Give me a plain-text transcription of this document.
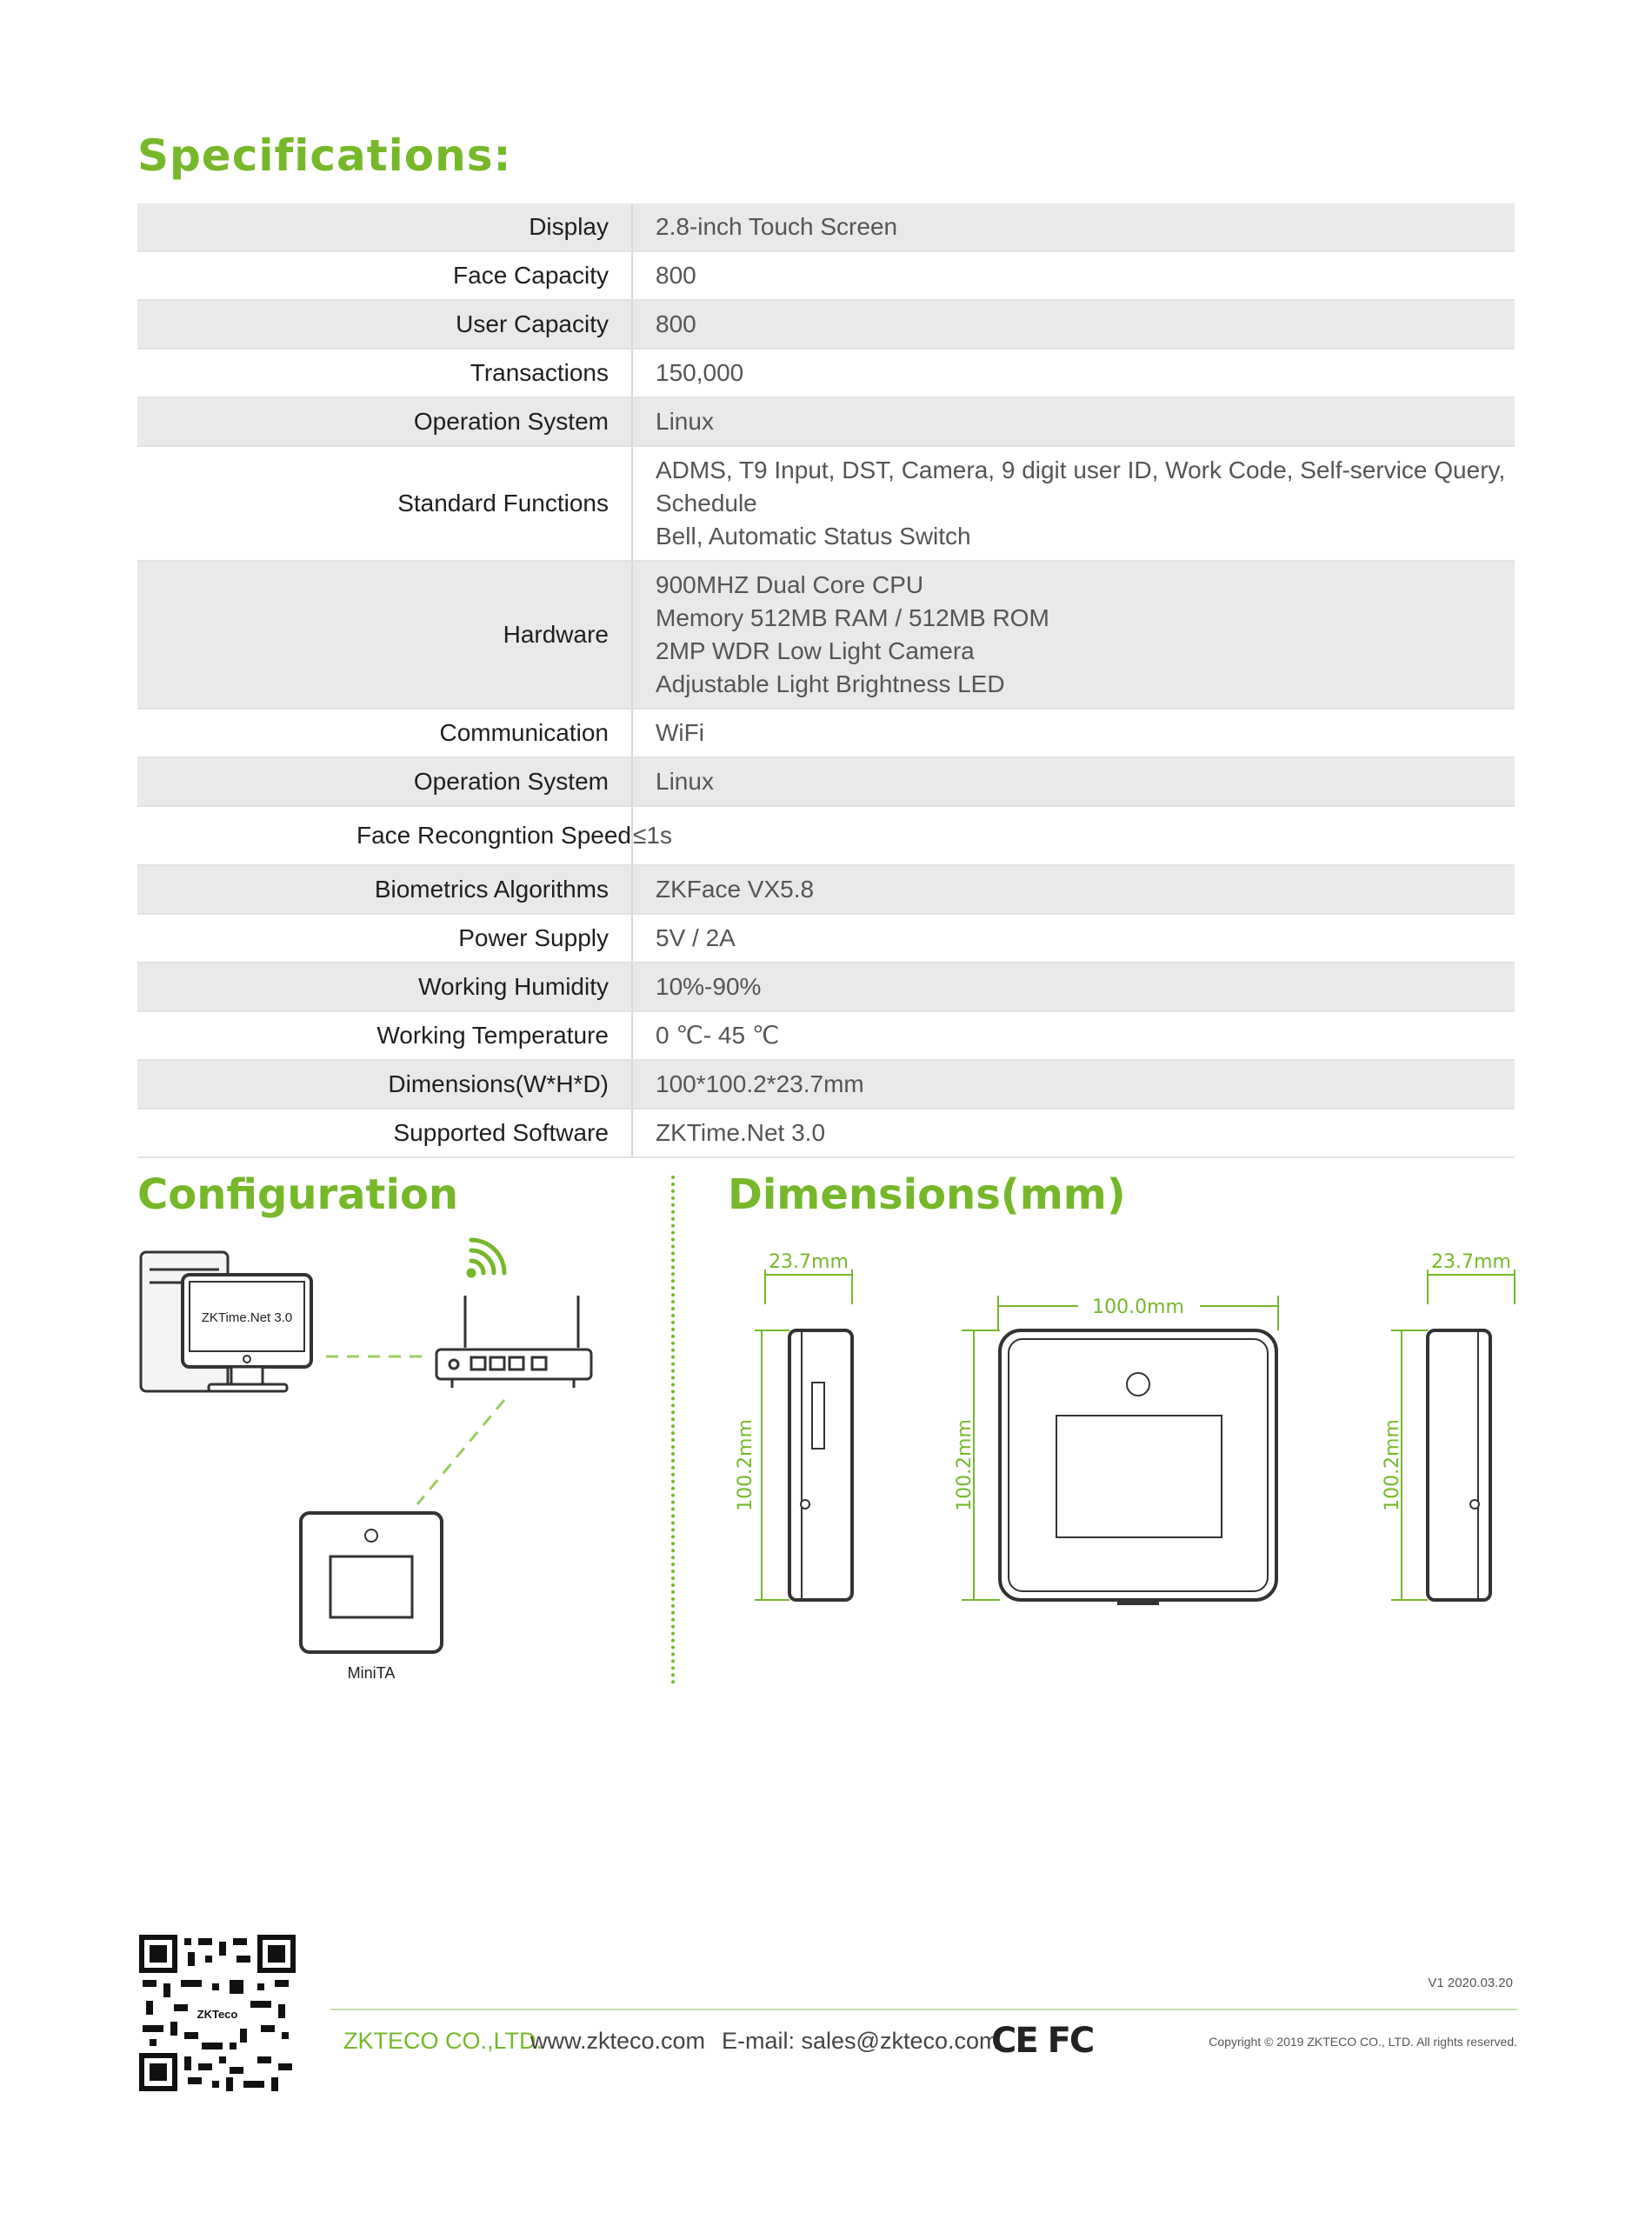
Specifications:
Display	2.8-inch Touch Screen

Face Capacity	800

User Capacity	800

Transactions	150,000

Operation System	Linux

Standard Functions	ADMS, T9 Input, DST, Camera, 9 digit user ID, Work Code, Self-service Query, Schedule
Bell, Automatic Status Switch

Hardware	900MHZ Dual Core CPU
Memory 512MB RAM / 512MB ROM
2MP WDR Low Light Camera
Adjustable Light Brightness LED

Communication	WiFi

Operation System	Linux

Face Recongntion Speed	≤1s

Biometrics Algorithms	ZKFace VX5.8

Power Supply	5V / 2A

Working Humidity	10%-90%

Working Temperature	0 ℃- 45 ℃

Dimensions(W*H*D)	100*100.2*23.7mm

Supported Software	ZKTime.Net 3.0
Configuration	Dimensions(mm)
ZKTime.Net 3.0
MiniTA
23.7mm
100.2mm
100.0mm
100.2mm
23.7mm
100.2mm
ZKTeco
V1 2020.03.20
ZKTECO CO.,LTD.
www.zkteco.com E-mail: sales@zkteco.com
CE FC	Copyright © 2019 ZKTECO CO., LTD. All rights reserved.
